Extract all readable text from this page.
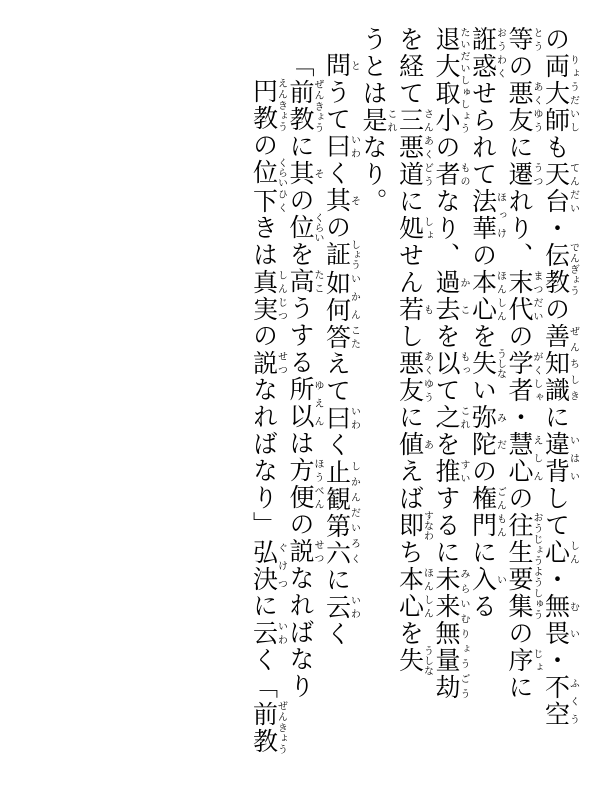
の両大師 りょうだいしも天台 てんだい・伝教 でんぎょうの善知識 ぜんちしきに違背 いはいして心 しん・無畏 むい・不空 ふくう
等 とうの悪友 あくゆうに遷 うつれり、末代 まつだいの学者 がくしゃ・慧心 えしんの往生要集 おうじょうようしゅうの序 じょに
誑惑 おうわくせられて法華 ほっけの本心 ほんしんを失 うしない弥陀 みだの権門 ごんもんに入 いる
退大取小 たいだいしゅしょうの者 ものなり、過去 かこを以 もって之 これを推 すいするに未来無量劫 みらいむりょうごう
を経て三悪道 さんあくどうに処 しょせん若 もし悪友 あくゆうに値 あえば即 すなわち本心 ほんしんを失 うしな
うとは是 これなり。
問 とうて曰 いわく其 その証 しょう如何 いかん答 こたえて曰 いわく止観第六 しかんだいろくに云 いわく
「前教 ぜんきょうに其 その位 くらいを高 たこうする所以 ゆえんは方便 ほうべんの説 せつなればなり
円教 えんきょうの位 くらい下 ひくきは真実 しんじつの説 せつなればなり」弘決 ぐけつに云 いわく「前教 ぜんきょう
